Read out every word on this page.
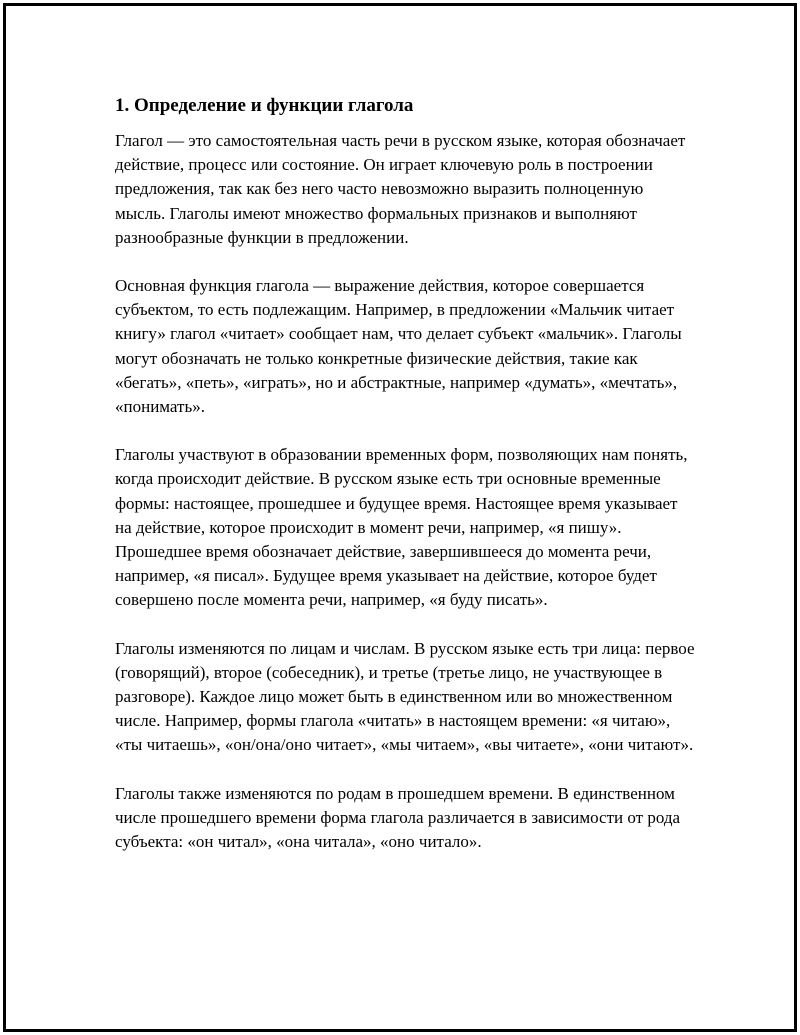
1. Определение и функции глагола

Глагол — это самостоятельная часть речи в русском языке, которая обозначает действие, процесс или состояние. Он играет ключевую роль в построении предложения, так как без него часто невозможно выразить полноценную мысль. Глаголы имеют множество формальных признаков и выполняют разнообразные функции в предложении.

Основная функция глагола — выражение действия, которое совершается субъектом, то есть подлежащим. Например, в предложении «Мальчик читает книгу» глагол «читает» сообщает нам, что делает субъект «мальчик». Глаголы могут обозначать не только конкретные физические действия, такие как «бегать», «петь», «играть», но и абстрактные, например «думать», «мечтать», «понимать».

Глаголы участвуют в образовании временных форм, позволяющих нам понять, когда происходит действие. В русском языке есть три основные временные формы: настоящее, прошедшее и будущее время. Настоящее время указывает на действие, которое происходит в момент речи, например, «я пишу». Прошедшее время обозначает действие, завершившееся до момента речи, например, «я писал». Будущее время указывает на действие, которое будет совершено после момента речи, например, «я буду писать».

Глаголы изменяются по лицам и числам. В русском языке есть три лица: первое (говорящий), второе (собеседник), и третье (третье лицо, не участвующее в разговоре). Каждое лицо может быть в единственном или во множественном числе. Например, формы глагола «читать» в настоящем времени: «я читаю», «ты читаешь», «он/она/оно читает», «мы читаем», «вы читаете», «они читают».

Глаголы также изменяются по родам в прошедшем времени. В единственном числе прошедшего времени форма глагола различается в зависимости от рода субъекта: «он читал», «она читала», «оно читало».
